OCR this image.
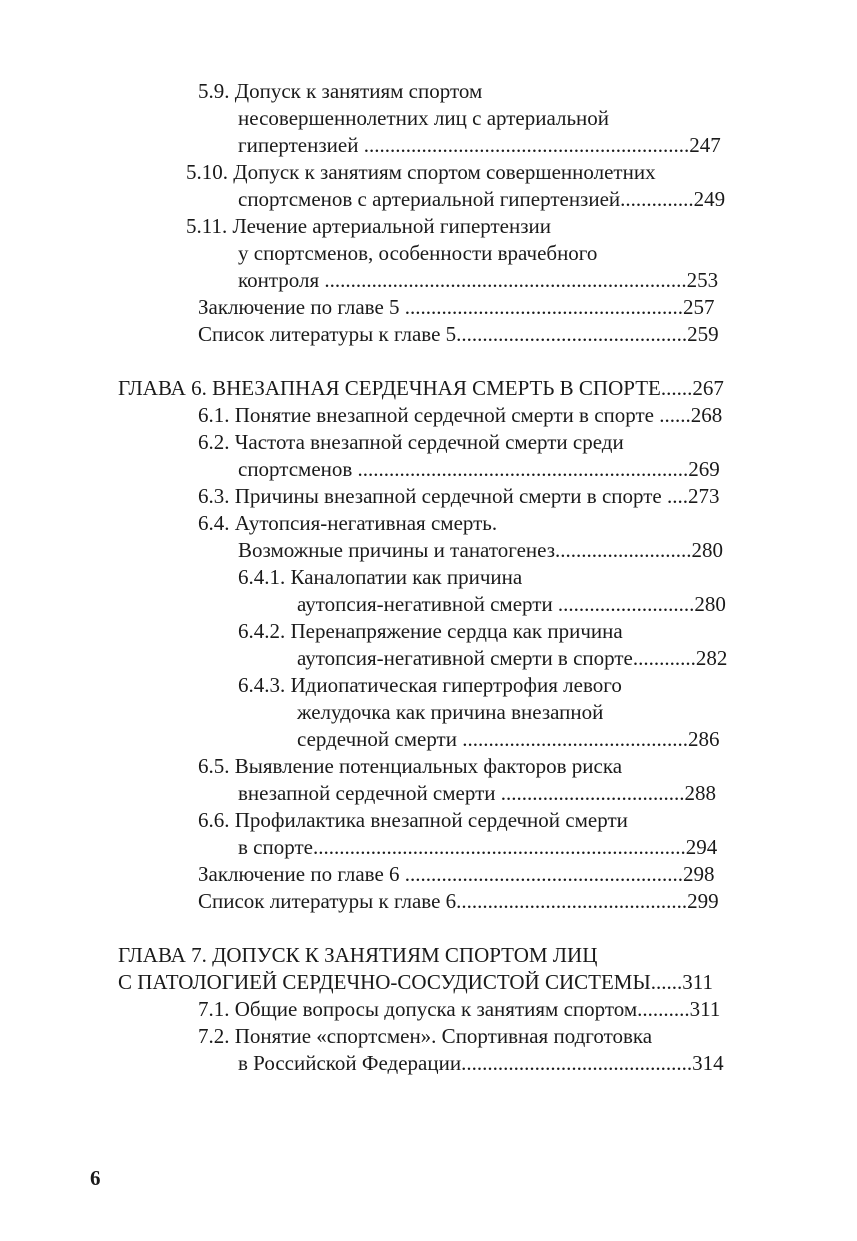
5.9. Допуск к занятиям спортом
несовершеннолетних лиц с артериальной
гипертензией ..............................................................247
5.10. Допуск к занятиям спортом совершеннолетних
спортсменов с артериальной гипертензией..............249
5.11. Лечение артериальной гипертензии
у спортсменов, особенности врачебного
контроля .....................................................................253
Заключение по главе 5 .....................................................257
Список литературы к главе 5............................................259
ГЛАВА 6. ВНЕЗАПНАЯ СЕРДЕЧНАЯ СМЕРТЬ В СПОРТЕ......267
6.1. Понятие внезапной сердечной смерти в спорте ......268
6.2. Частота внезапной сердечной смерти среди
спортсменов ...............................................................269
6.3. Причины внезапной сердечной смерти в спорте ....273
6.4. Аутопсия-негативная смерть.
Возможные причины и танатогенез..........................280
6.4.1. Каналопатии как причина
аутопсия-негативной смерти ..........................280
6.4.2. Перенапряжение сердца как причина
аутопсия-негативной смерти в спорте............282
6.4.3. Идиопатическая гипертрофия левого
желудочка как причина внезапной
сердечной смерти ...........................................286
6.5. Выявление потенциальных факторов риска
внезапной сердечной смерти ...................................288
6.6. Профилактика внезапной сердечной смерти
в спорте.......................................................................294
Заключение по главе 6 .....................................................298
Список литературы к главе 6............................................299
ГЛАВА 7. ДОПУСК К ЗАНЯТИЯМ СПОРТОМ ЛИЦ
С ПАТОЛОГИЕЙ СЕРДЕЧНО-СОСУДИСТОЙ СИСТЕМЫ......311
7.1. Общие вопросы допуска к занятиям спортом..........311
7.2. Понятие «спортсмен». Спортивная подготовка
в Российской Федерации............................................314
6
